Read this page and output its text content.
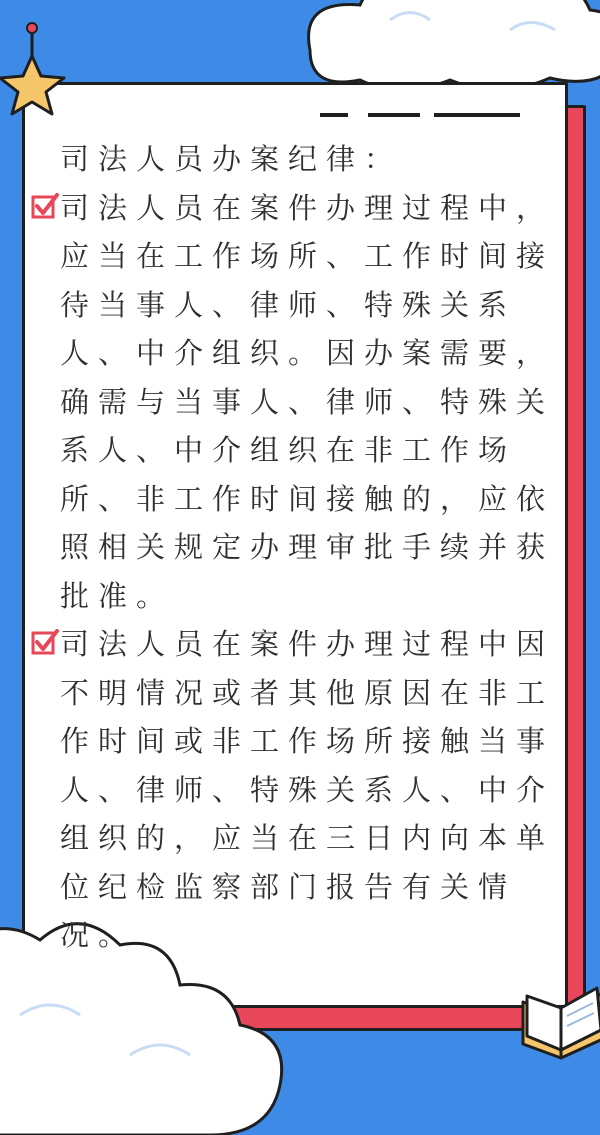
司法人员办案纪律：
司法人员在案件办理过程中，
应当在工作场所、工作时间接
待当事人、律师、特殊关系
人、中介组织。因办案需要，
确需与当事人、律师、特殊关
系人、中介组织在非工作场
所、非工作时间接触的，应依
照相关规定办理审批手续并获
批准。
司法人员在案件办理过程中因
不明情况或者其他原因在非工
作时间或非工作场所接触当事
人、律师、特殊关系人、中介
组织的，应当在三日内向本单
位纪检监察部门报告有关情
况。
